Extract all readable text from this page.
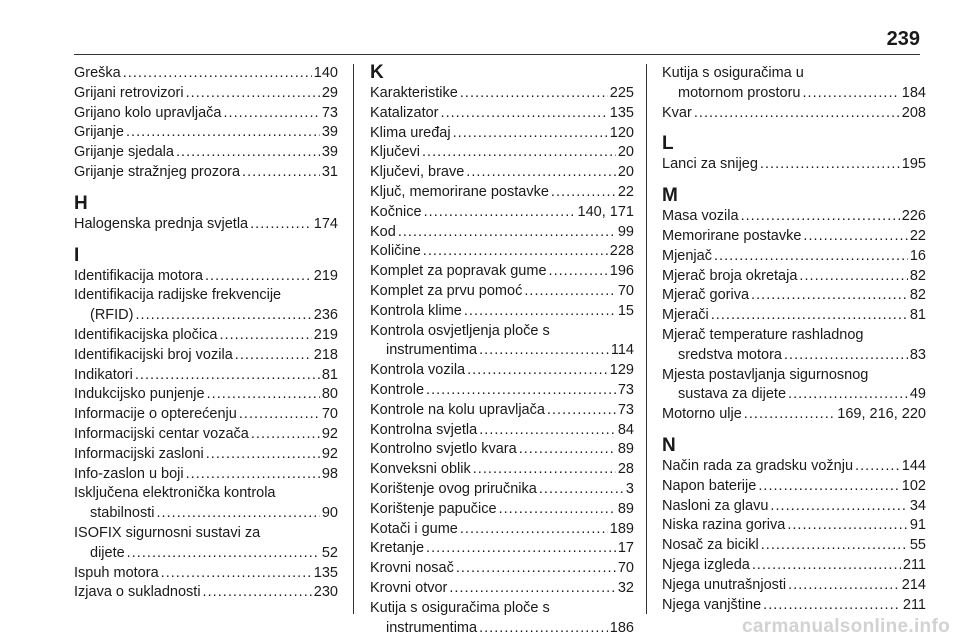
239
Greška . . .	140
Grijani retrovizori . . .	29
Grijano kolo upravljača . . .	73
Grijanje . . .	39
Grijanje sjedala . . .	39
Grijanje stražnjeg prozora . . .	31
H
Halogenska prednja svjetla . . .	174
I
Identifikacija motora . . .	219
Identifikacija radijske frekvencije
(RFID) . . .	236
Identifikacijska pločica . . .	219
Identifikacijski broj vozila . . .	218
Indikatori . . .	81
Indukcijsko punjenje . . .	80
Informacije o opterećenju . . .	70
Informacijski centar vozača . . .	92
Informacijski zasloni . . .	92
Info-zaslon u boji . . .	98
Isključena elektronička kontrola
stabilnosti . . .	90
ISOFIX sigurnosni sustavi za
dijete . . .	52
Ispuh motora . . .	135
Izjava o sukladnosti . . .	230
K
Karakteristike . . .	225
Katalizator . . .	135
Klima uređaj . . .	120
Ključevi . . .	20
Ključevi, brave . . .	20
Ključ, memorirane postavke . . .	22
Kočnice . . .	140, 171
Kod . . .	99
Količine . . .	228
Komplet za popravak gume . . .	196
Komplet za prvu pomoć . . .	70
Kontrola klime . . .	15
Kontrola osvjetljenja ploče s
instrumentima . . .	114
Kontrola vozila . . .	129
Kontrole . . .	73
Kontrole na kolu upravljača . . .	73
Kontrolna svjetla . . .	84
Kontrolno svjetlo kvara . . .	89
Konveksni oblik . . .	28
Korištenje ovog priručnika . . .	3
Korištenje papučice . . .	89
Kotači i gume . . .	189
Kretanje . . .	17
Krovni nosač . . .	70
Krovni otvor . . .	32
Kutija s osiguračima ploče s
instrumentima . . .	186
Kutija s osiguračima u
motornom prostoru . . .	184
Kvar . . .	208
L
Lanci za snijeg . . .	195
M
Masa vozila . . .	226
Memorirane postavke . . .	22
Mjenjač . . .	16
Mjerač broja okretaja . . .	82
Mjerač goriva . . .	82
Mjerači . . .	81
Mjerač temperature rashladnog
sredstva motora . . .	83
Mjesta postavljanja sigurnosnog
sustava za dijete . . .	49
Motorno ulje . . .	169, 216, 220
N
Način rada za gradsku vožnju . . .	144
Napon baterije . . .	102
Nasloni za glavu . . .	34
Niska razina goriva . . .	91
Nosač za bicikl . . .	55
Njega izgleda . . .	211
Njega unutrašnjosti . . .	214
Njega vanjštine . . .	211
carmanualsonline.info
